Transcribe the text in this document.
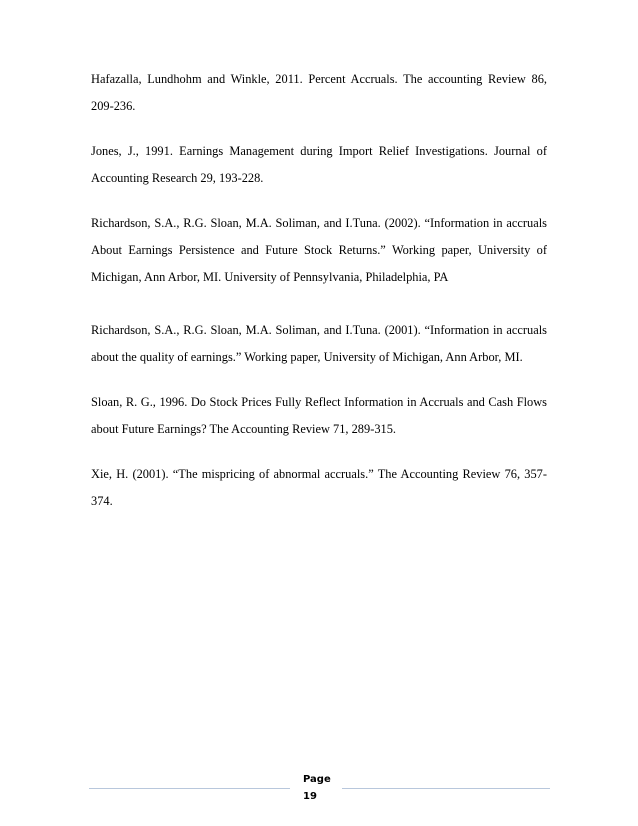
Hafazalla, Lundhohm and Winkle, 2011. Percent Accruals. The accounting Review 86, 209-236.

Jones, J., 1991. Earnings Management during Import Relief Investigations. Journal of Accounting Research 29, 193-228.

Richardson, S.A., R.G. Sloan, M.A. Soliman, and I.Tuna. (2002). “Information in accruals About Earnings Persistence and Future Stock Returns.” Working paper, University of Michigan, Ann Arbor, MI. University of Pennsylvania, Philadelphia, PA

Richardson, S.A., R.G. Sloan, M.A. Soliman, and I.Tuna. (2001). “Information in accruals about the quality of earnings.” Working paper, University of Michigan, Ann Arbor, MI.

Sloan, R. G., 1996. Do Stock Prices Fully Reflect Information in Accruals and Cash Flows about Future Earnings? The Accounting Review 71, 289-315.

Xie, H. (2001). “The mispricing of abnormal accruals.” The Accounting Review 76, 357-374.

Page
19
